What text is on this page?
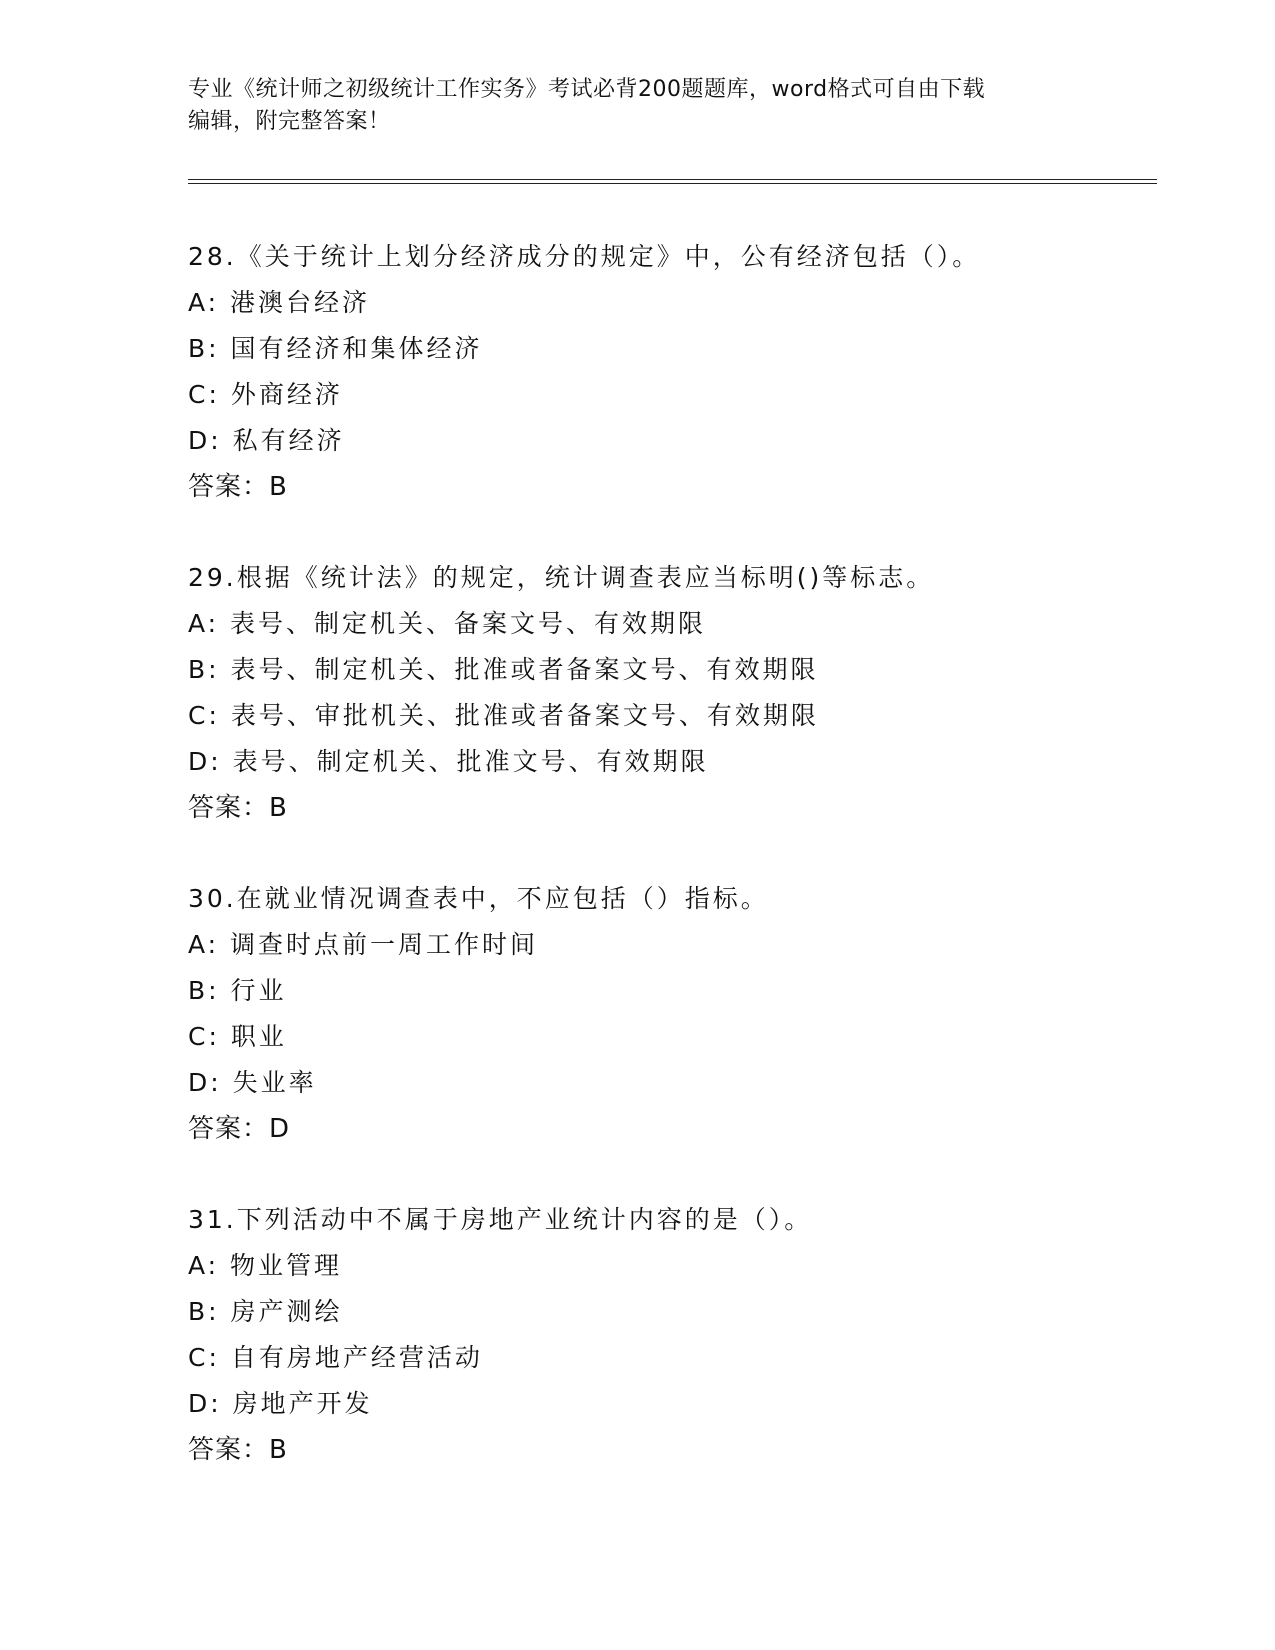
专业《统计师之初级统计工作实务》考试必背200题题库，word格式可自由下载
编辑，附完整答案！
28.《关于统计上划分经济成分的规定》中，公有经济包括（）。
A: 港澳台经济
B: 国有经济和集体经济
C: 外商经济
D: 私有经济
答案：B
29.根据《统计法》的规定，统计调查表应当标明()等标志。
A: 表号、制定机关、备案文号、有效期限
B: 表号、制定机关、批准或者备案文号、有效期限
C: 表号、审批机关、批准或者备案文号、有效期限
D: 表号、制定机关、批准文号、有效期限
答案：B
30.在就业情况调查表中，不应包括（）指标。
A: 调查时点前一周工作时间
B: 行业
C: 职业
D: 失业率
答案：D
31.下列活动中不属于房地产业统计内容的是（）。
A: 物业管理
B: 房产测绘
C: 自有房地产经营活动
D: 房地产开发
答案：B
